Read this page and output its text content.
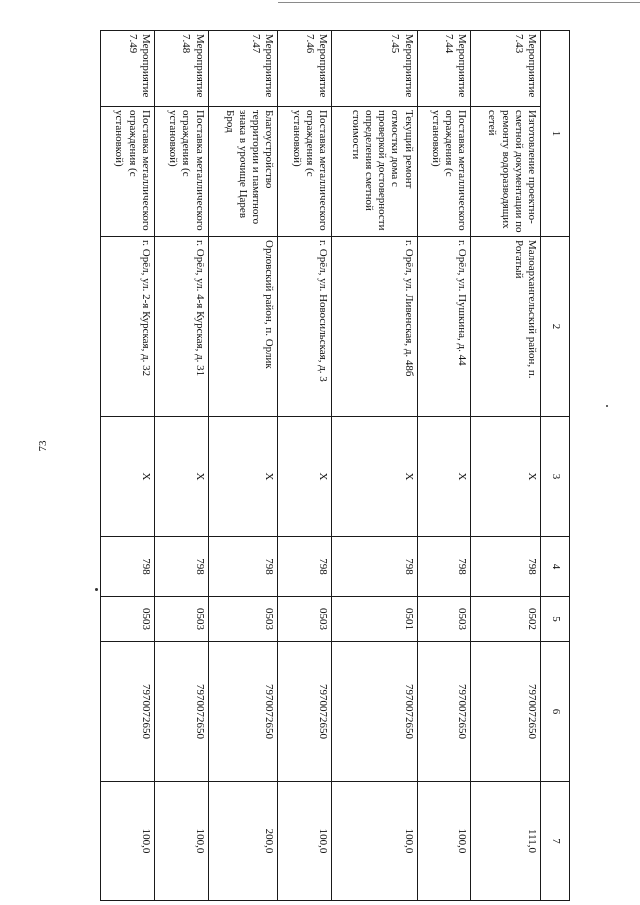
73
1		2	3	4	5	6	7
Мероприятие 7.43	Изготовление проектно-сметной документации по ремонту водоразводящих сетей	Малоархангельский район, п. Рогатый	X	798	0502	7970072650	111,0
Мероприятие 7.44	Поставка металлического ограждения (с установкой)	г. Орёл, ул. Пушкина, д. 44	X	798	0503	7970072650	100,0
Мероприятие 7.45	Текущий ремонт отмостки дома с проверкой достоверности определения сметной стоимости	г. Орёл, ул. Ливенская, д. 48б	X	798	0501	7970072650	100,0
Мероприятие 7.46	Поставка металлического ограждения (с установкой)	г. Орёл, ул. Новосильская, д. 3	X	798	0503	7970072650	100,0
Мероприятие 7.47	Благоустройство территории и памятного знака в урочище Царев Брод	Орловский район, п. Орлик	X	798	0503	7970072650	200,0
Мероприятие 7.48	Поставка металлического ограждения (с установкой)	г. Орёл, ул. 4-я Курская, д. 31	X	798	0503	7970072650	100,0
Мероприятие 7.49	Поставка металлического ограждения (с установкой)	г. Орёл, ул. 2-я Курская, д. 32	X	798	0503	7970072650	100,0
